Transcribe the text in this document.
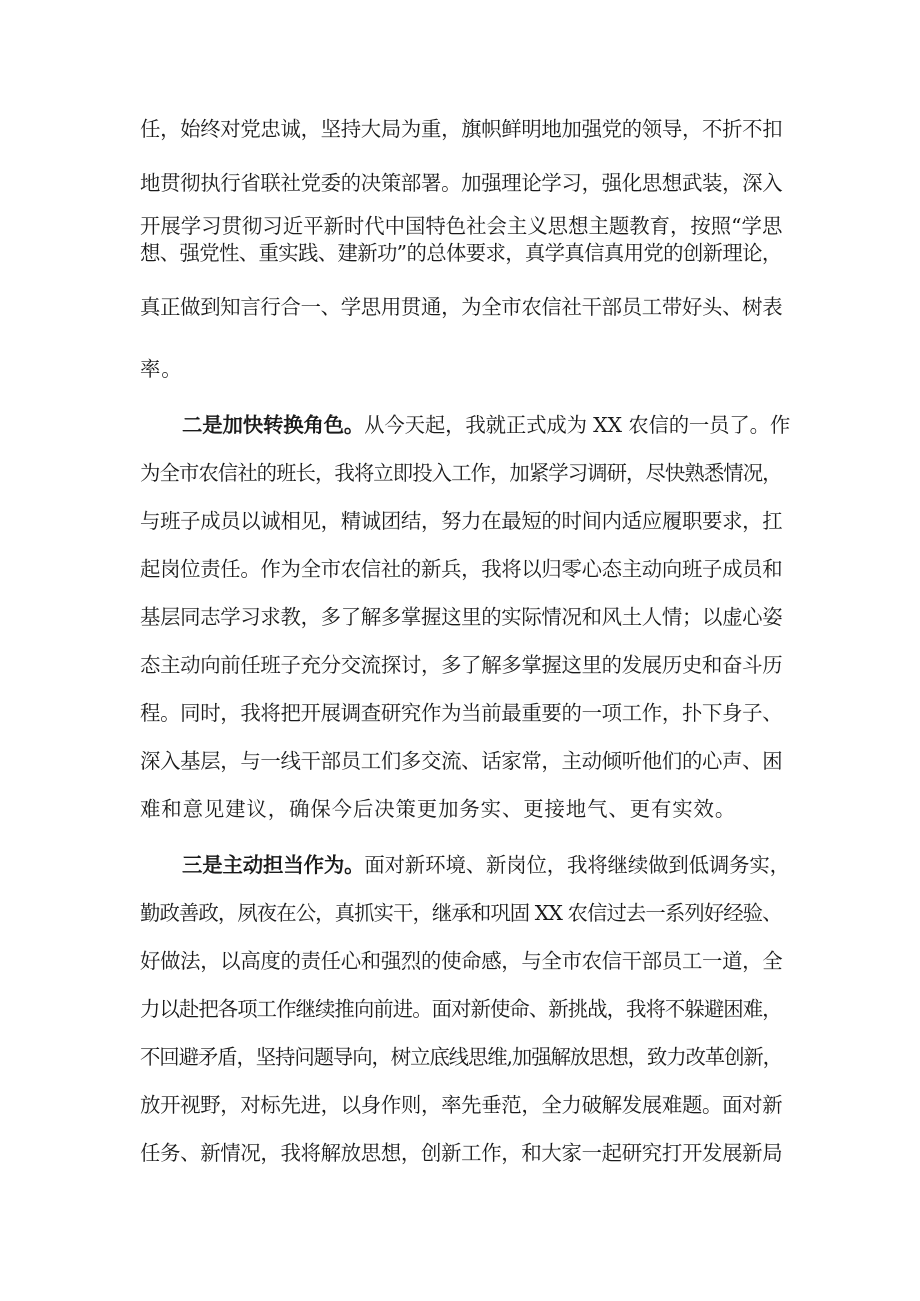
任，始终对党忠诚，坚持大局为重，旗帜鲜明地加强党的领导，不折不扣
地贯彻执行省联社党委的决策部署。加强理论学习，强化思想武装，深入
开展学习贯彻习近平新时代中国特色社会主义思想主题教育，按照“学思
想、强党性、重实践、建新功”的总体要求，真学真信真用党的创新理论，
真正做到知言行合一、学思用贯通，为全市农信社干部员工带好头、树表
率。
二是加快转换角色。从今天起，我就正式成为 XX 农信的一员了。作
为全市农信社的班长，我将立即投入工作，加紧学习调研，尽快熟悉情况，
与班子成员以诚相见，精诚团结，努力在最短的时间内适应履职要求，扛
起岗位责任。作为全市农信社的新兵，我将以归零心态主动向班子成员和
基层同志学习求教，多了解多掌握这里的实际情况和风土人情；以虚心姿
态主动向前任班子充分交流探讨，多了解多掌握这里的发展历史和奋斗历
程。同时，我将把开展调查研究作为当前最重要的一项工作，扑下身子、
深入基层，与一线干部员工们多交流、话家常，主动倾听他们的心声、困
难和意见建议，确保今后决策更加务实、更接地气、更有实效。
三是主动担当作为。面对新环境、新岗位，我将继续做到低调务实，
勤政善政，夙夜在公，真抓实干，继承和巩固 XX 农信过去一系列好经验、
好做法，以高度的责任心和强烈的使命感，与全市农信干部员工一道，全
力以赴把各项工作继续推向前进。面对新使命、新挑战，我将不躲避困难，
不回避矛盾，坚持问题导向，树立底线思维,加强解放思想，致力改革创新，
放开视野，对标先进，以身作则，率先垂范，全力破解发展难题。面对新
任务、新情况，我将解放思想，创新工作，和大家一起研究打开发展新局
